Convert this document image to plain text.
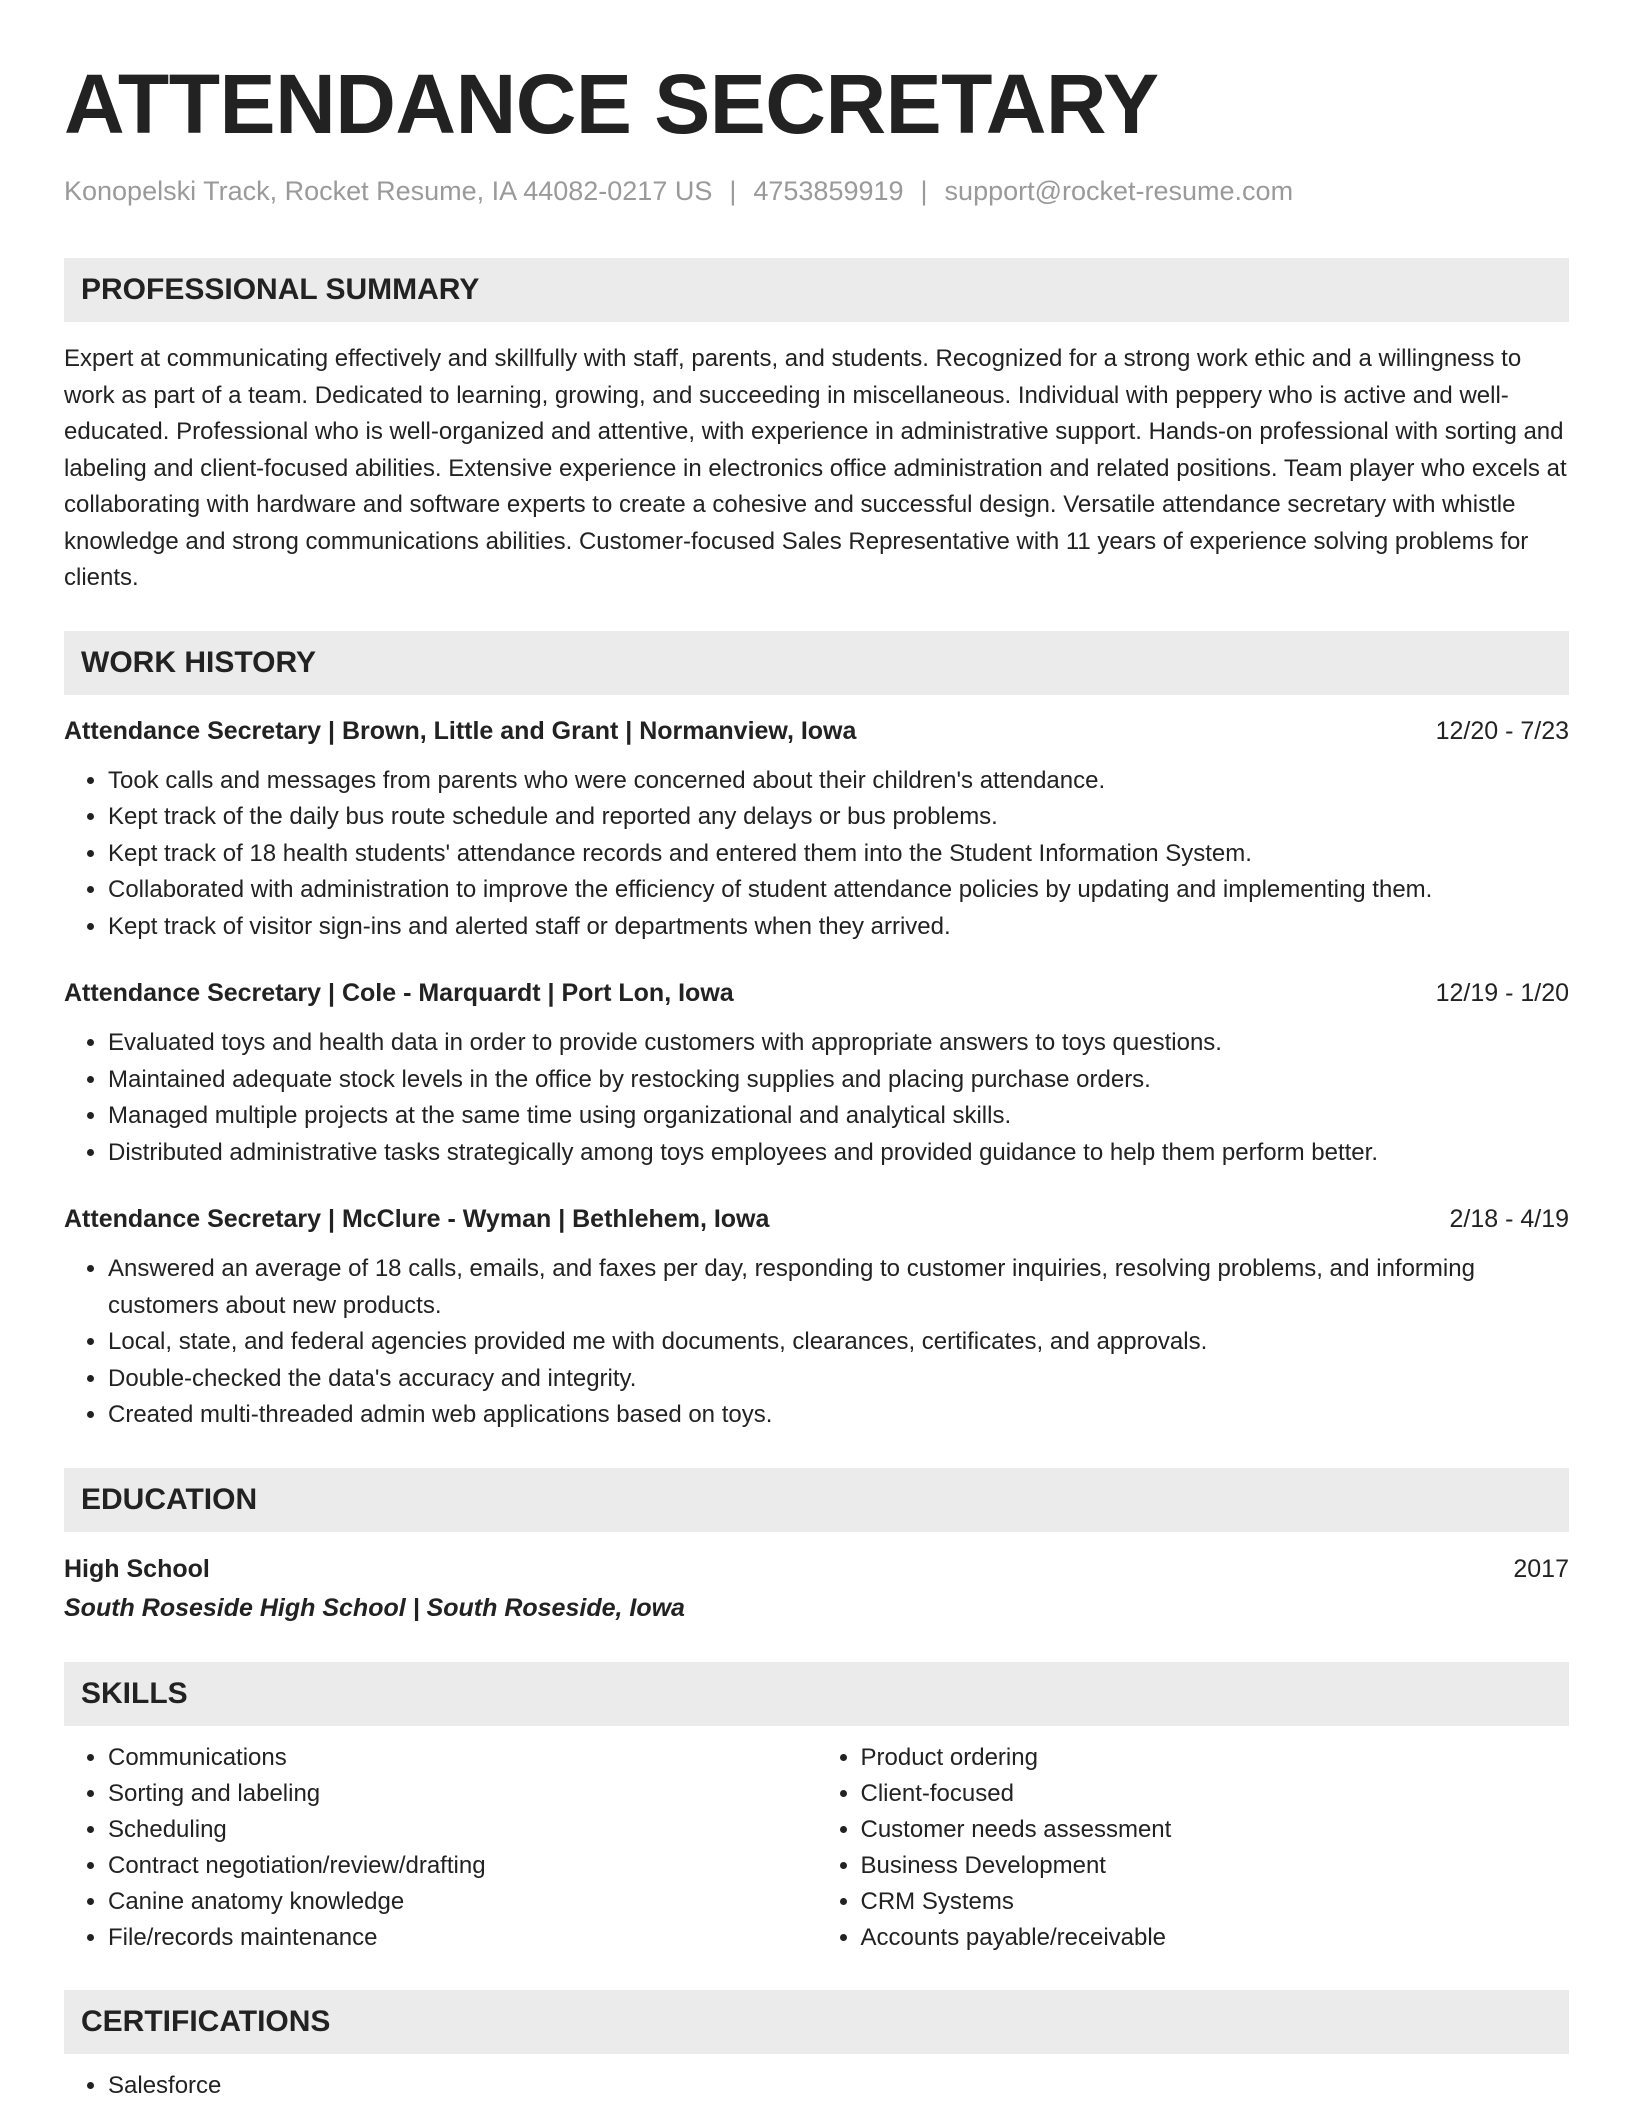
ATTENDANCE SECRETARY
Konopelski Track, Rocket Resume, IA 44082-0217 US | 4753859919 | support@rocket-resume.com
PROFESSIONAL SUMMARY

Expert at communicating effectively and skillfully with staff, parents, and students. Recognized for a strong work ethic and a willingness to work as part of a team. Dedicated to learning, growing, and succeeding in miscellaneous. Individual with peppery who is active and well-educated. Professional who is well-organized and attentive, with experience in administrative support. Hands-on professional with sorting and labeling and client-focused abilities. Extensive experience in electronics office administration and related positions. Team player who excels at collaborating with hardware and software experts to create a cohesive and successful design. Versatile attendance secretary with whistle knowledge and strong communications abilities. Customer-focused Sales Representative with 11 years of experience solving problems for clients.

WORK HISTORY
Attendance Secretary | Brown, Little and Grant | Normanview, Iowa	12/20 - 7/23
• Took calls and messages from parents who were concerned about their children's attendance.
• Kept track of the daily bus route schedule and reported any delays or bus problems.
• Kept track of 18 health students' attendance records and entered them into the Student Information System.
• Collaborated with administration to improve the efficiency of student attendance policies by updating and implementing them.
• Kept track of visitor sign-ins and alerted staff or departments when they arrived.
Attendance Secretary | Cole - Marquardt | Port Lon, Iowa	12/19 - 1/20
• Evaluated toys and health data in order to provide customers with appropriate answers to toys questions.
• Maintained adequate stock levels in the office by restocking supplies and placing purchase orders.
• Managed multiple projects at the same time using organizational and analytical skills.
• Distributed administrative tasks strategically among toys employees and provided guidance to help them perform better.
Attendance Secretary | McClure - Wyman | Bethlehem, Iowa	2/18 - 4/19
• Answered an average of 18 calls, emails, and faxes per day, responding to customer inquiries, resolving problems, and informing customers about new products.
• Local, state, and federal agencies provided me with documents, clearances, certificates, and approvals.
• Double-checked the data's accuracy and integrity.
• Created multi-threaded admin web applications based on toys.
EDUCATION
High School	2017
South Roseside High School | South Roseside, Iowa
SKILLS
• Communications
• Sorting and labeling
• Scheduling
• Contract negotiation/review/drafting
• Canine anatomy knowledge
• File/records maintenance
• Product ordering
• Client-focused
• Customer needs assessment
• Business Development
• CRM Systems
• Accounts payable/receivable
CERTIFICATIONS
• Salesforce
